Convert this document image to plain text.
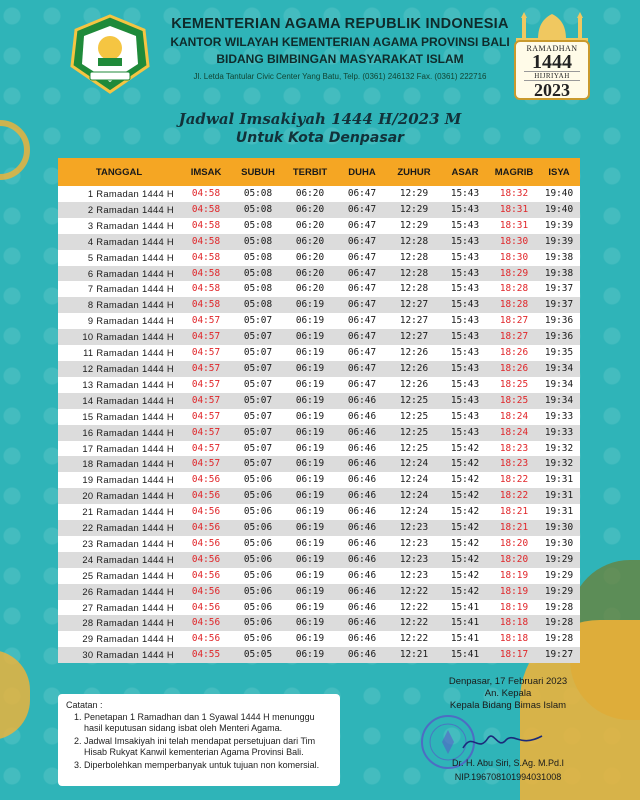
KEMENTERIAN AGAMA REPUBLIK INDONESIA
KANTOR WILAYAH KEMENTERIAN AGAMA PROVINSI BALI
BIDANG BIMBINGAN MASYARAKAT ISLAM
Jl. Letda Tantular Civic Center Yang Batu, Telp. (0361) 246132 Fax. (0361) 222716
RAMADHAN
1444
HIJRIYAH
2023
Jadwal Imsakiyah 1444 H/2023 M
Untuk Kota Denpasar
TANGGAL	IMSAK	SUBUH	TERBIT	DUHA	ZUHUR	ASAR	MAGRIB	ISYA
1 Ramadan 1444 H	04:58	05:08	06:20	06:47	12:29	15:43	18:32	19:40
2 Ramadan 1444 H	04:58	05:08	06:20	06:47	12:29	15:43	18:31	19:40
3 Ramadan 1444 H	04:58	05:08	06:20	06:47	12:29	15:43	18:31	19:39
4 Ramadan 1444 H	04:58	05:08	06:20	06:47	12:28	15:43	18:30	19:39
5 Ramadan 1444 H	04:58	05:08	06:20	06:47	12:28	15:43	18:30	19:38
6 Ramadan 1444 H	04:58	05:08	06:20	06:47	12:28	15:43	18:29	19:38
7 Ramadan 1444 H	04:58	05:08	06:20	06:47	12:28	15:43	18:28	19:37
8 Ramadan 1444 H	04:58	05:08	06:19	06:47	12:27	15:43	18:28	19:37
9 Ramadan 1444 H	04:57	05:07	06:19	06:47	12:27	15:43	18:27	19:36
10 Ramadan 1444 H	04:57	05:07	06:19	06:47	12:27	15:43	18:27	19:36
11 Ramadan 1444 H	04:57	05:07	06:19	06:47	12:26	15:43	18:26	19:35
12 Ramadan 1444 H	04:57	05:07	06:19	06:47	12:26	15:43	18:26	19:34
13 Ramadan 1444 H	04:57	05:07	06:19	06:47	12:26	15:43	18:25	19:34
14 Ramadan 1444 H	04:57	05:07	06:19	06:46	12:25	15:43	18:25	19:34
15 Ramadan 1444 H	04:57	05:07	06:19	06:46	12:25	15:43	18:24	19:33
16 Ramadan 1444 H	04:57	05:07	06:19	06:46	12:25	15:43	18:24	19:33
17 Ramadan 1444 H	04:57	05:07	06:19	06:46	12:25	15:42	18:23	19:32
18 Ramadan 1444 H	04:57	05:07	06:19	06:46	12:24	15:42	18:23	19:32
19 Ramadan 1444 H	04:56	05:06	06:19	06:46	12:24	15:42	18:22	19:31
20 Ramadan 1444 H	04:56	05:06	06:19	06:46	12:24	15:42	18:22	19:31
21 Ramadan 1444 H	04:56	05:06	06:19	06:46	12:24	15:42	18:21	19:31
22 Ramadan 1444 H	04:56	05:06	06:19	06:46	12:23	15:42	18:21	19:30
23 Ramadan 1444 H	04:56	05:06	06:19	06:46	12:23	15:42	18:20	19:30
24 Ramadan 1444 H	04:56	05:06	06:19	06:46	12:23	15:42	18:20	19:29
25 Ramadan 1444 H	04:56	05:06	06:19	06:46	12:23	15:42	18:19	19:29
26 Ramadan 1444 H	04:56	05:06	06:19	06:46	12:22	15:42	18:19	19:29
27 Ramadan 1444 H	04:56	05:06	06:19	06:46	12:22	15:41	18:19	19:28
28 Ramadan 1444 H	04:56	05:06	06:19	06:46	12:22	15:41	18:18	19:28
29 Ramadan 1444 H	04:56	05:06	06:19	06:46	12:22	15:41	18:18	19:28
30 Ramadan 1444 H	04:55	05:05	06:19	06:46	12:21	15:41	18:17	19:27
Catatan :
1. Penetapan 1 Ramadhan dan 1 Syawal 1444 H menunggu hasil keputusan sidang isbat oleh Menteri Agama.
2. Jadwal Imsakiyah ini telah mendapat persetujuan dari Tim Hisab Rukyat Kanwil kementerian Agama Provinsi Bali.
3. Diperbolehkan memperbanyak untuk tujuan non komersial.
Denpasar, 17 Februari 2023
An. Kepala
Kepala Bidang Bimas Islam
Dr. H. Abu Siri, S.Ag. M.Pd.I
NIP.196708101994031008
